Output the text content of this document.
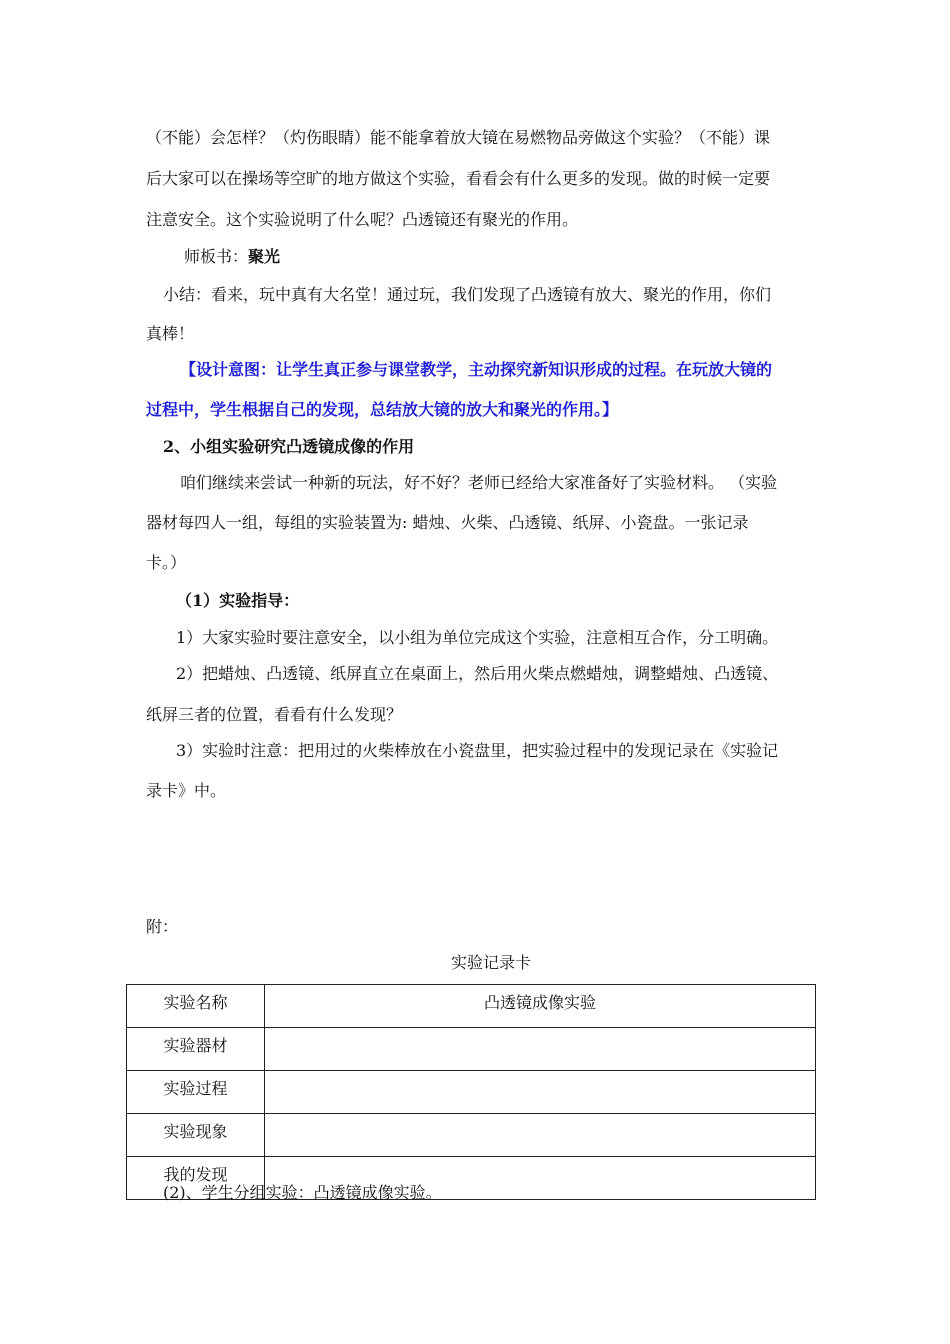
（不能）会怎样？（灼伤眼睛）能不能拿着放大镜在易燃物品旁做这个实验？（不能）课
后大家可以在操场等空旷的地方做这个实验，看看会有什么更多的发现。做的时候一定要
注意安全。这个实验说明了什么呢？凸透镜还有聚光的作用。
师板书：聚光
小结：看来，玩中真有大名堂！通过玩，我们发现了凸透镜有放大、聚光的作用，你们
真棒！
【设计意图：让学生真正参与课堂教学，主动探究新知识形成的过程。在玩放大镜的
过程中，学生根据自己的发现，总结放大镜的放大和聚光的作用。】
2、小组实验研究凸透镜成像的作用
咱们继续来尝试一种新的玩法，好不好？老师已经给大家准备好了实验材料。 （实验
器材每四人一组，每组的实验装置为: 蜡烛、火柴、凸透镜、纸屏、小瓷盘。一张记录
卡。）
（1）实验指导：
1）大家实验时要注意安全，以小组为单位完成这个实验，注意相互合作，分工明确。
2）把蜡烛、凸透镜、纸屏直立在桌面上，然后用火柴点燃蜡烛，调整蜡烛、凸透镜、
纸屏三者的位置，看看有什么发现？
3）实验时注意：把用过的火柴棒放在小瓷盘里，把实验过程中的发现记录在《实验记
录卡》中。
附：
实验记录卡
实验名称	凸透镜成像实验
实验器材	
实验过程	
实验现象	
我的发现	
(2)、学生分组实验：凸透镜成像实验。
